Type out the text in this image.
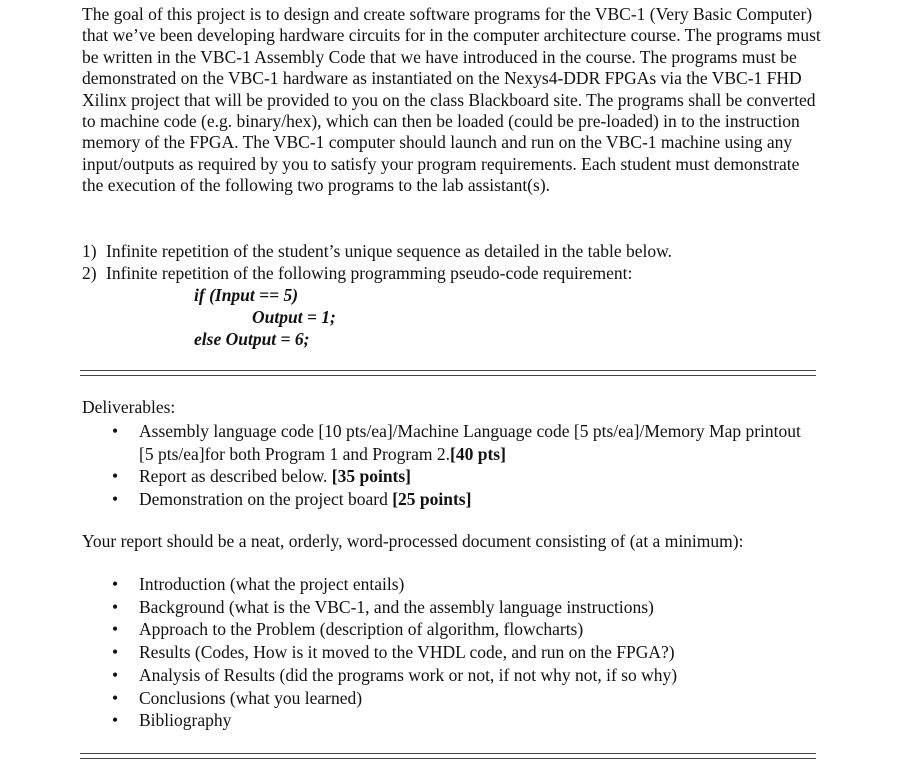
The goal of this project is to design and create software programs for the VBC-1 (Very Basic Computer) that we’ve been developing hardware circuits for in the computer architecture course. The programs must be written in the VBC-1 Assembly Code that we have introduced in the course. The programs must be demonstrated on the VBC-1 hardware as instantiated on the Nexys4-DDR FPGAs via the VBC-1 FHD Xilinx project that will be provided to you on the class Blackboard site. The programs shall be converted to machine code (e.g. binary/hex), which can then be loaded (could be pre-loaded) in to the instruction memory of the FPGA. The VBC-1 computer should launch and run on the VBC-1 machine using any input/outputs as required by you to satisfy your program requirements. Each student must demonstrate the execution of the following two programs to the lab assistant(s).

1) Infinite repetition of the student’s unique sequence as detailed in the table below.
2) Infinite repetition of the following programming pseudo-code requirement:
if (Input == 5)
Output = 1;
else Output = 6;

Deliverables:

• Assembly language code [10 pts/ea]/Machine Language code [5 pts/ea]/Memory Map printout [5 pts/ea]for both Program 1 and Program 2.[40 pts]
• Report as described below. [35 points]
• Demonstration on the project board [25 points]

Your report should be a neat, orderly, word-processed document consisting of (at a minimum):

• Introduction (what the project entails)
• Background (what is the VBC-1, and the assembly language instructions)
• Approach to the Problem (description of algorithm, flowcharts)
• Results (Codes, How is it moved to the VHDL code, and run on the FPGA?)
• Analysis of Results (did the programs work or not, if not why not, if so why)
• Conclusions (what you learned)
• Bibliography
